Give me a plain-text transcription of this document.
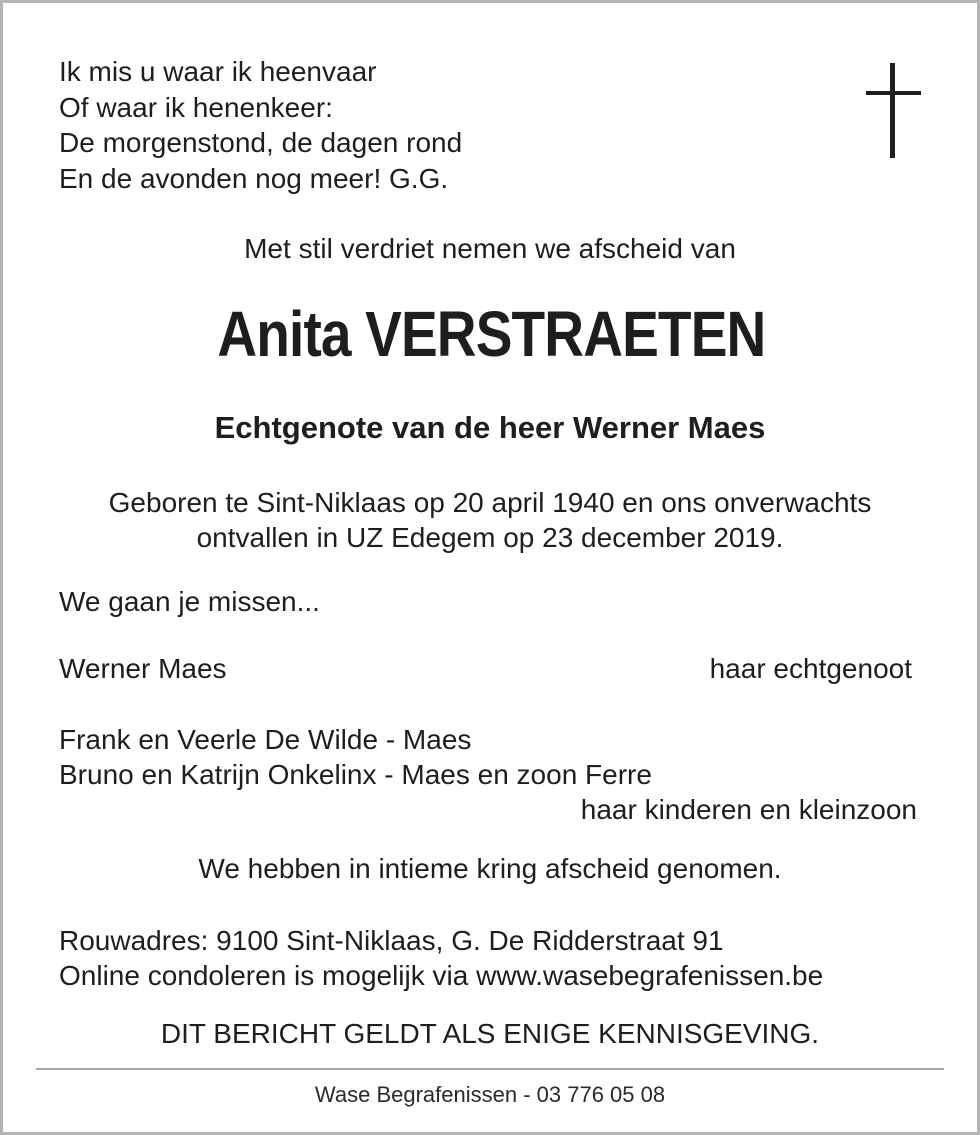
Ik mis u waar ik heenvaar
Of waar ik henenkeer:
De morgenstond, de dagen rond
En de avonden nog meer! G.G.
Met stil verdriet nemen we afscheid van
Anita VERSTRAETEN
Echtgenote van de heer Werner Maes
Geboren te Sint-Niklaas op 20 april 1940 en ons onverwachts
ontvallen in UZ Edegem op 23 december 2019.
We gaan je missen...
Werner Maes	haar echtgenoot
Frank en Veerle De Wilde - Maes
Bruno en Katrijn Onkelinx - Maes en zoon Ferre
haar kinderen en kleinzoon
We hebben in intieme kring afscheid genomen.
Rouwadres: 9100 Sint-Niklaas, G. De Ridderstraat 91
Online condoleren is mogelijk via www.wasebegrafenissen.be
DIT BERICHT GELDT ALS ENIGE KENNISGEVING.
Wase Begrafenissen - 03 776 05 08
